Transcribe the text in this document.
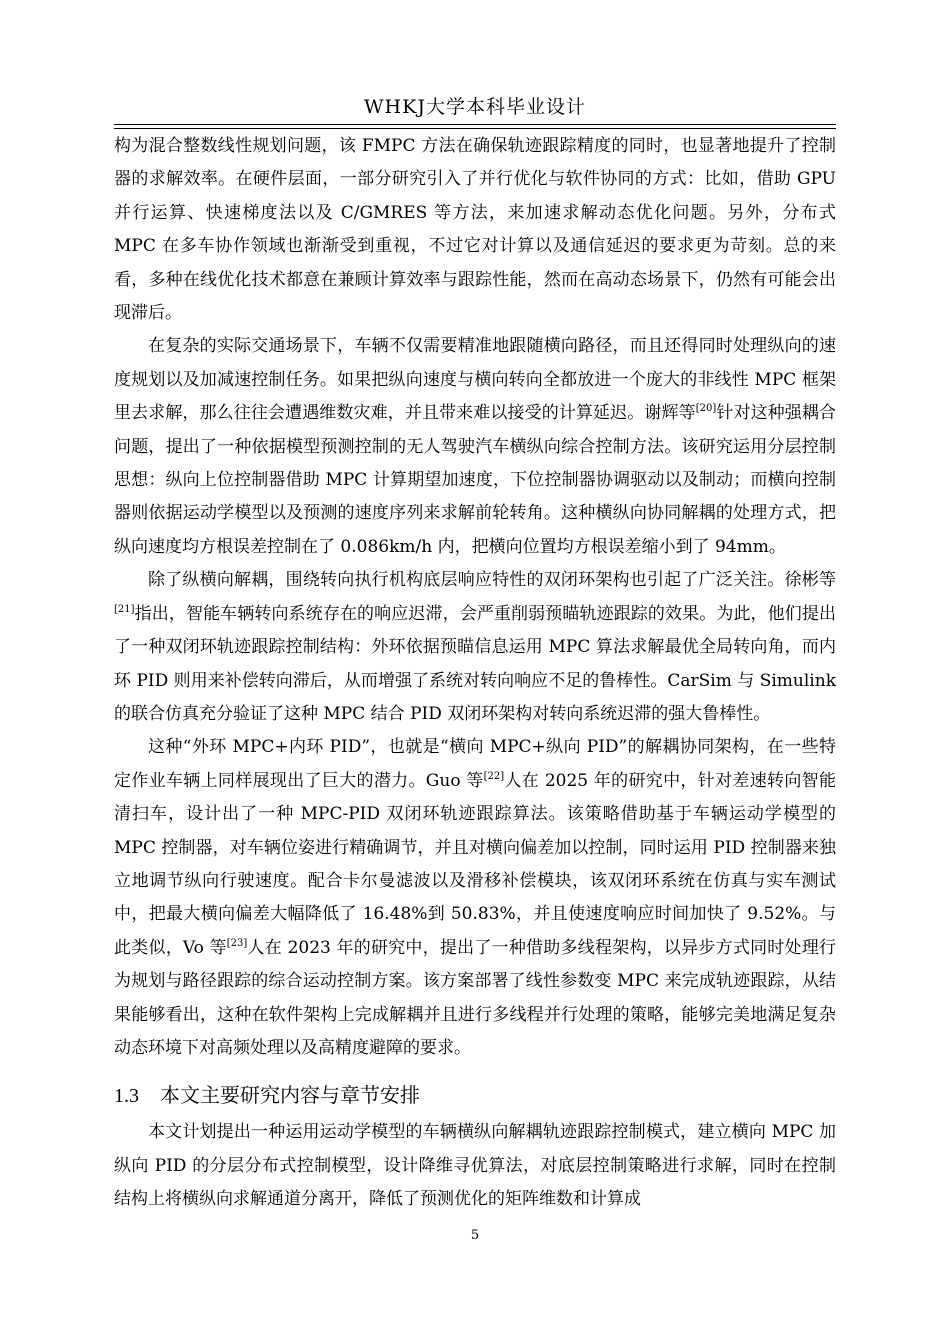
WHKJ大学本科毕业设计

构为混合整数线性规划问题，该 FMPC 方法在确保轨迹跟踪精度的同时，也显著地提升了控制器的求解效率。在硬件层面，一部分研究引入了并行优化与软件协同的方式：比如，借助 GPU 并行运算、快速梯度法以及 C/GMRES 等方法，来加速求解动态优化问题。另外，分布式 MPC 在多车协作领域也渐渐受到重视，不过它对计算以及通信延迟的要求更为苛刻。总的来看，多种在线优化技术都意在兼顾计算效率与跟踪性能，然而在高动态场景下，仍然有可能会出现滞后。

在复杂的实际交通场景下，车辆不仅需要精准地跟随横向路径，而且还得同时处理纵向的速度规划以及加减速控制任务。如果把纵向速度与横向转向全都放进一个庞大的非线性 MPC 框架里去求解，那么往往会遭遇维数灾难，并且带来难以接受的计算延迟。谢辉等[20]针对这种强耦合问题，提出了一种依据模型预测控制的无人驾驶汽车横纵向综合控制方法。该研究运用分层控制思想：纵向上位控制器借助 MPC 计算期望加速度，下位控制器协调驱动以及制动；而横向控制器则依据运动学模型以及预测的速度序列来求解前轮转角。这种横纵向协同解耦的处理方式，把纵向速度均方根误差控制在了 0.086km/h 内，把横向位置均方根误差缩小到了 94mm。

除了纵横向解耦，围绕转向执行机构底层响应特性的双闭环架构也引起了广泛关注。徐彬等[21]指出，智能车辆转向系统存在的响应迟滞，会严重削弱预瞄轨迹跟踪的效果。为此，他们提出了一种双闭环轨迹跟踪控制结构：外环依据预瞄信息运用 MPC 算法求解最优全局转向角，而内环 PID 则用来补偿转向滞后，从而增强了系统对转向响应不足的鲁棒性。CarSim 与 Simulink 的联合仿真充分验证了这种 MPC 结合 PID 双闭环架构对转向系统迟滞的强大鲁棒性。

这种“外环 MPC+内环 PID”，也就是“横向 MPC+纵向 PID”的解耦协同架构，在一些特定作业车辆上同样展现出了巨大的潜力。Guo 等[22]人在 2025 年的研究中，针对差速转向智能清扫车，设计出了一种 MPC-PID 双闭环轨迹跟踪算法。该策略借助基于车辆运动学模型的 MPC 控制器，对车辆位姿进行精确调节，并且对横向偏差加以控制，同时运用 PID 控制器来独立地调节纵向行驶速度。配合卡尔曼滤波以及滑移补偿模块，该双闭环系统在仿真与实车测试中，把最大横向偏差大幅降低了 16.48%到 50.83%，并且使速度响应时间加快了 9.52%。与此类似，Vo 等[23]人在 2023 年的研究中，提出了一种借助多线程架构，以异步方式同时处理行为规划与路径跟踪的综合运动控制方案。该方案部署了线性参数变 MPC 来完成轨迹跟踪，从结果能够看出，这种在软件架构上完成解耦并且进行多线程并行处理的策略，能够完美地满足复杂动态环境下对高频处理以及高精度避障的要求。

1.3 本文主要研究内容与章节安排

本文计划提出一种运用运动学模型的车辆横纵向解耦轨迹跟踪控制模式，建立横向 MPC 加纵向 PID 的分层分布式控制模型，设计降维寻优算法，对底层控制策略进行求解，同时在控制结构上将横纵向求解通道分离开，降低了预测优化的矩阵维数和计算成

5
